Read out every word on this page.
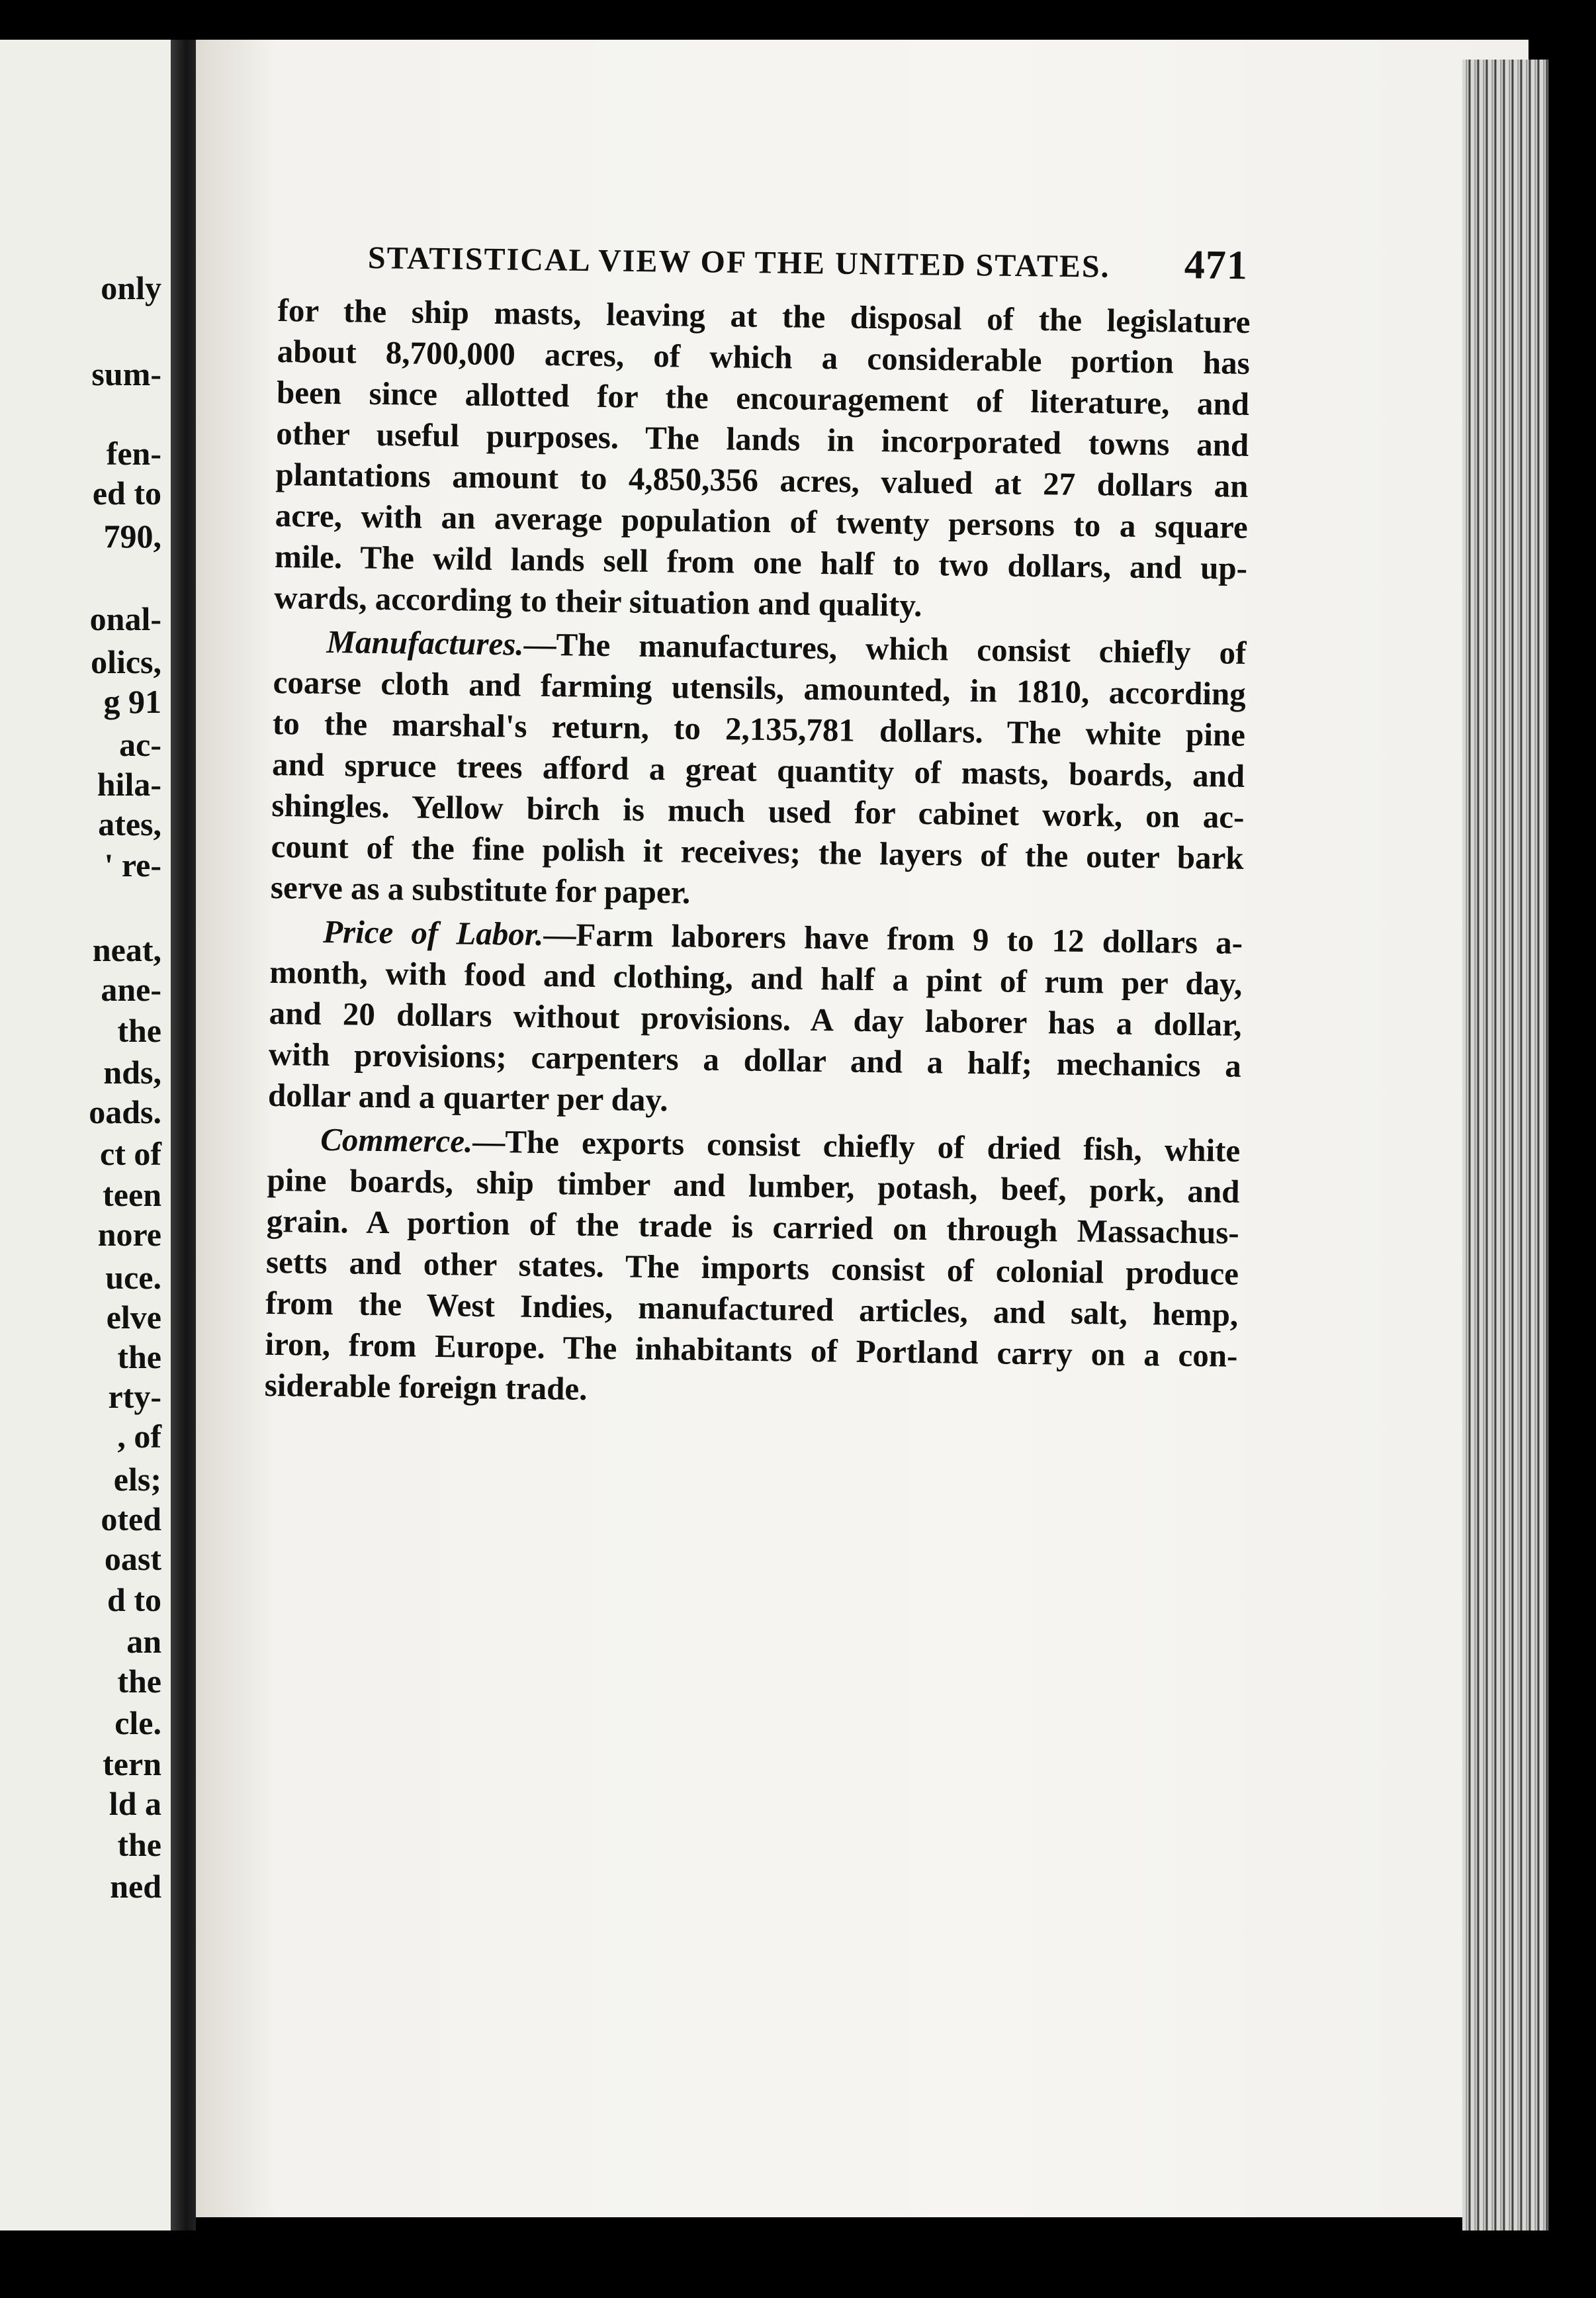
only
sum-
fen-
ed to
790,
onal-
olics,
g 91
ac-
hila-
ates,
' re-
neat,
ane-
the
nds,
oads.
ct of
teen
nore
uce.
elve
the
rty-
, of
els;
oted
oast
d to
an
the
cle.
tern
ld a
the
ned
STATISTICAL VIEW OF THE UNITED STATES. 471
for the ship masts, leaving at the disposal of the legislature
about 8,700,000 acres, of which a considerable portion has
been since allotted for the encouragement of literature, and
other useful purposes. The lands in incorporated towns and
plantations amount to 4,850,356 acres, valued at 27 dollars an
acre, with an average population of twenty persons to a square
mile. The wild lands sell from one half to two dollars, and up-
wards, according to their situation and quality.
Manufactures.—The manufactures, which consist chiefly of
coarse cloth and farming utensils, amounted, in 1810, according
to the marshal's return, to 2,135,781 dollars. The white pine
and spruce trees afford a great quantity of masts, boards, and
shingles. Yellow birch is much used for cabinet work, on ac-
count of the fine polish it receives; the layers of the outer bark
serve as a substitute for paper.
Price of Labor.—Farm laborers have from 9 to 12 dollars a-
month, with food and clothing, and half a pint of rum per day,
and 20 dollars without provisions. A day laborer has a dollar,
with provisions; carpenters a dollar and a half; mechanics a
dollar and a quarter per day.
Commerce.—The exports consist chiefly of dried fish, white
pine boards, ship timber and lumber, potash, beef, pork, and
grain. A portion of the trade is carried on through Massachus-
setts and other states. The imports consist of colonial produce
from the West Indies, manufactured articles, and salt, hemp,
iron, from Europe. The inhabitants of Portland carry on a con-
siderable foreign trade.
